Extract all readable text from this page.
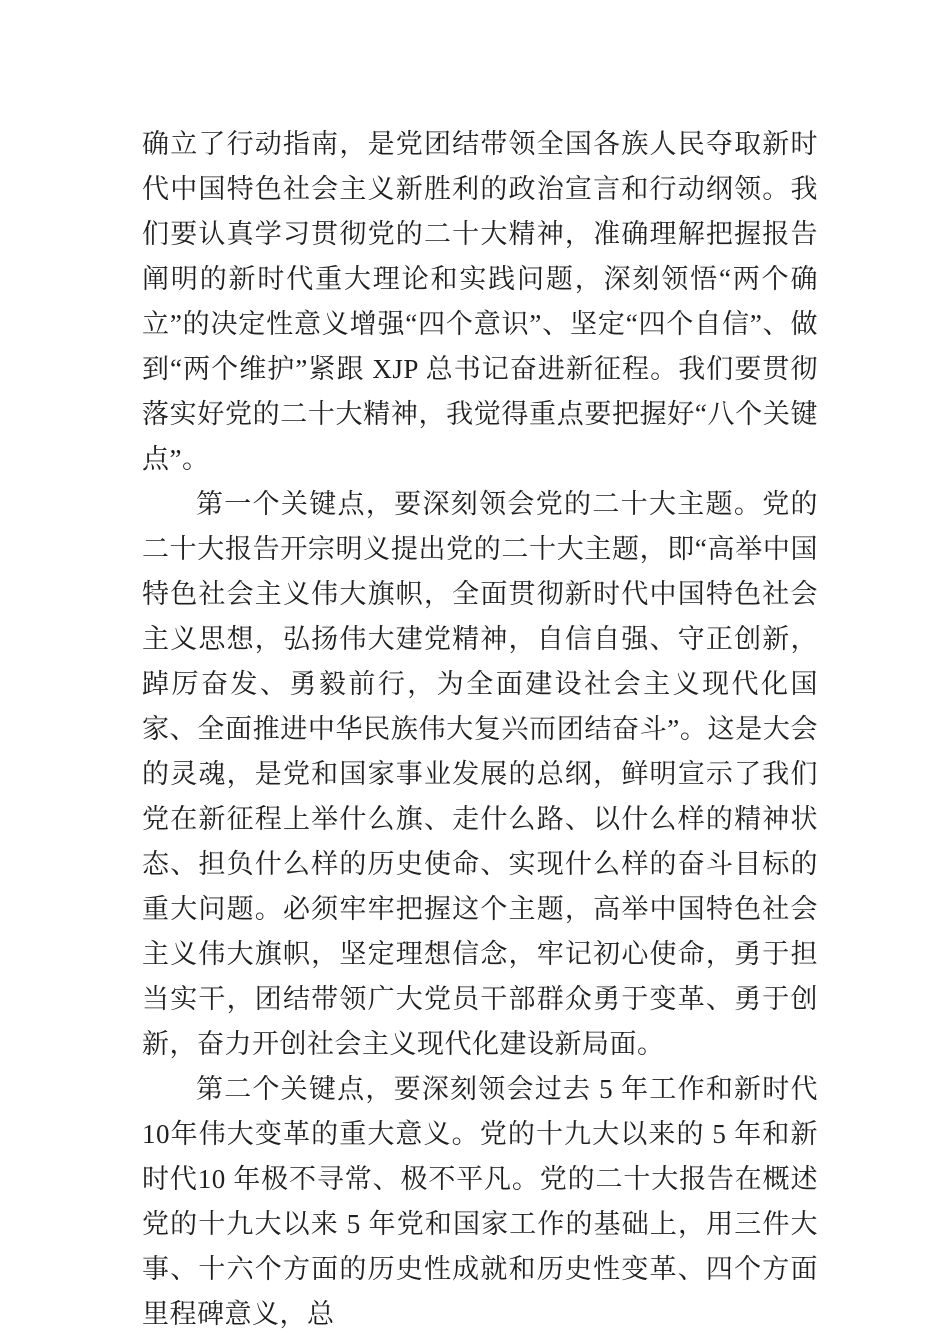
确立了行动指南，是党团结带领全国各族人民夺取新时代中国特色社会主义新胜利的政治宣言和行动纲领。我们要认真学习贯彻党的二十大精神，准确理解把握报告阐明的新时代重大理论和实践问题，深刻领悟“两个确立”的决定性意义增强“四个意识”、坚定“四个自信”、做到“两个维护”紧跟 XJP 总书记奋进新征程。我们要贯彻落实好党的二十大精神，我觉得重点要把握好“八个关键点”。

第一个关键点，要深刻领会党的二十大主题。党的二十大报告开宗明义提出党的二十大主题，即“高举中国特色社会主义伟大旗帜，全面贯彻新时代中国特色社会主义思想，弘扬伟大建党精神，自信自强、守正创新，踔厉奋发、勇毅前行，为全面建设社会主义现代化国家、全面推进中华民族伟大复兴而团结奋斗”。这是大会的灵魂，是党和国家事业发展的总纲，鲜明宣示了我们党在新征程上举什么旗、走什么路、以什么样的精神状态、担负什么样的历史使命、实现什么样的奋斗目标的重大问题。必须牢牢把握这个主题，高举中国特色社会主义伟大旗帜，坚定理想信念，牢记初心使命，勇于担当实干，团结带领广大党员干部群众勇于变革、勇于创新，奋力开创社会主义现代化建设新局面。

第二个关键点，要深刻领会过去 5 年工作和新时代 10年伟大变革的重大意义。党的十九大以来的 5 年和新时代10 年极不寻常、极不平凡。党的二十大报告在概述党的十九大以来 5 年党和国家工作的基础上，用三件大事、十六个方面的历史性成就和历史性变革、四个方面里程碑意义，总
